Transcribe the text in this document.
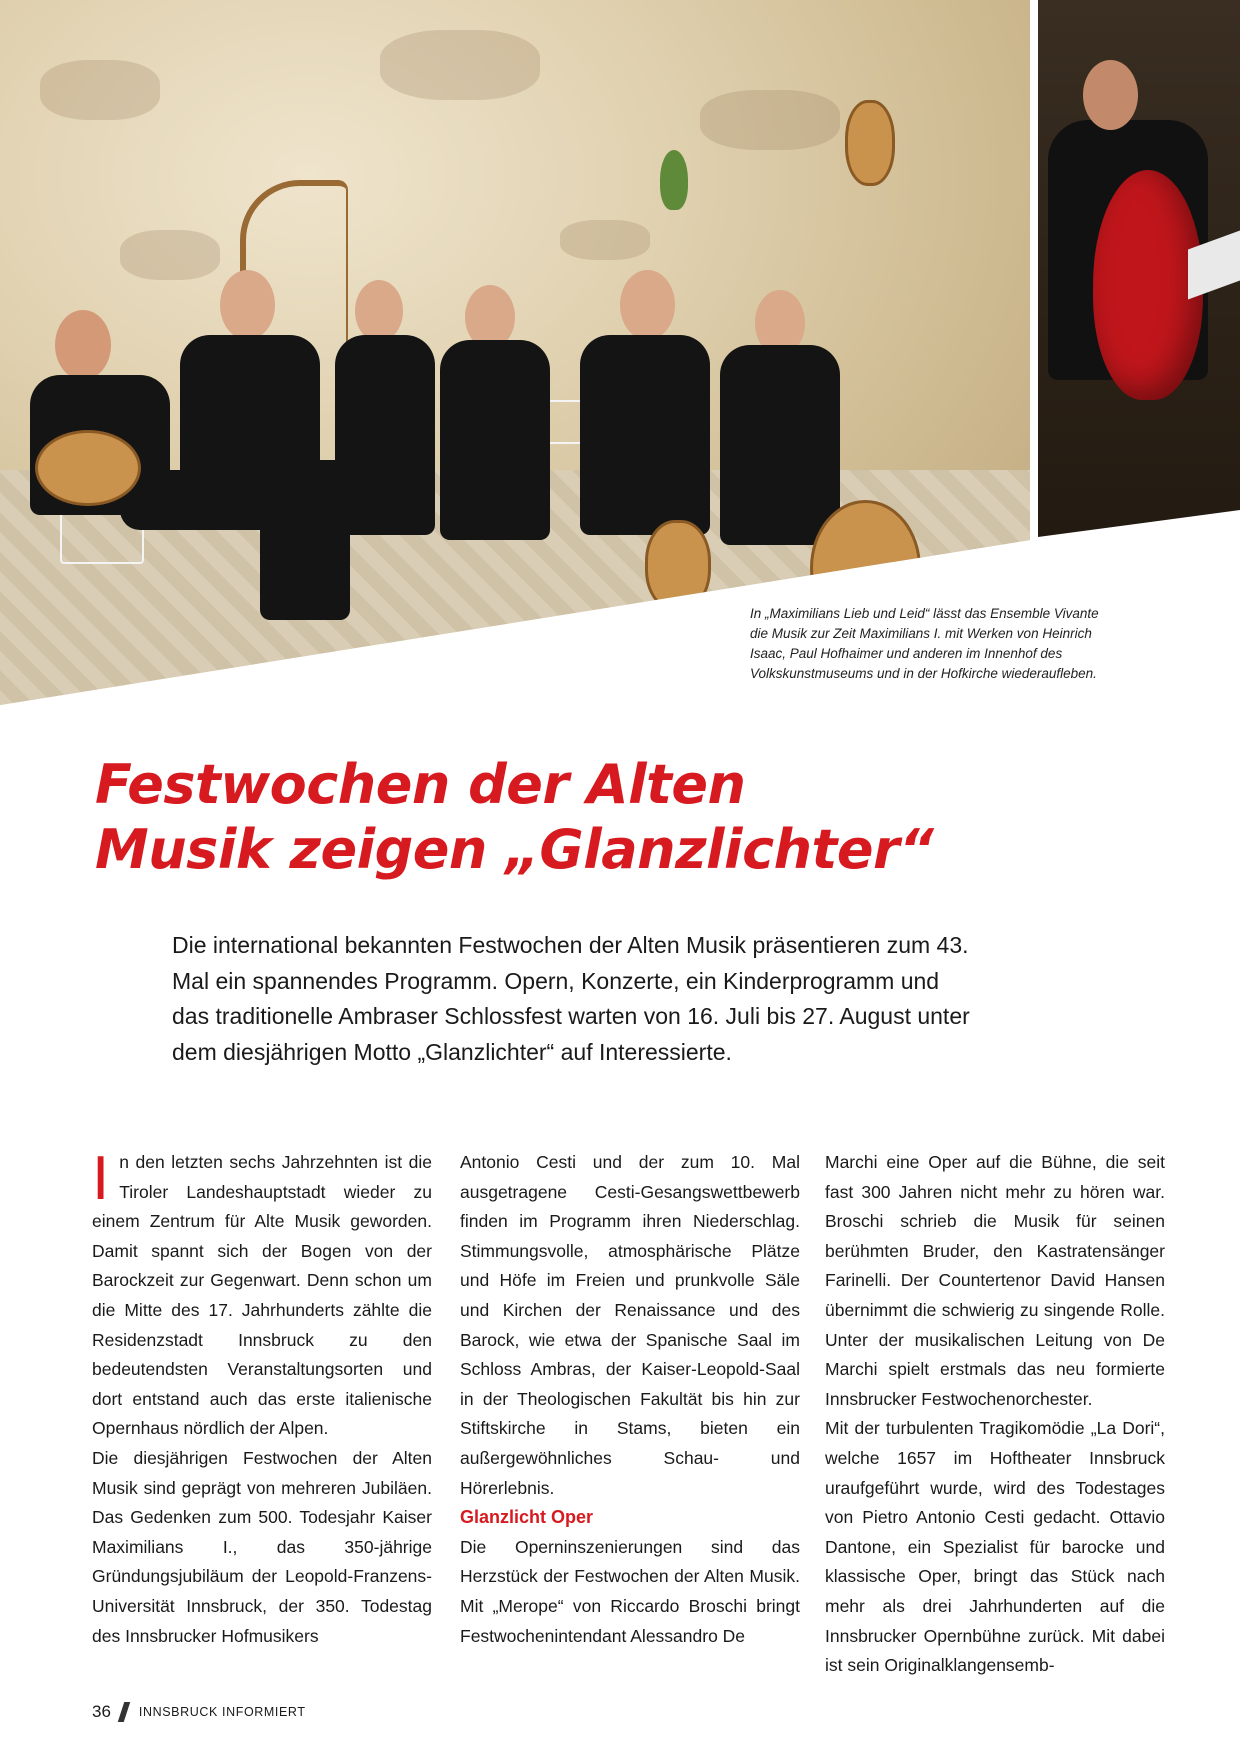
In „Maximilians Lieb und Leid“ lässt das Ensemble Vivante die Musik zur Zeit Maximilians I. mit Werken von Heinrich Isaac, Paul Hofhaimer und anderen im Innenhof des Volkskunstmuseums und in der Hofkirche wiederaufleben.
Festwochen der Alten
Musik zeigen „Glanzlichter“

Die international bekannten Festwochen der Alten Musik präsentieren zum 43. Mal ein spannendes Programm. Opern, Konzerte, ein Kinderprogramm und das traditionelle Ambraser Schlossfest warten von 16. Juli bis 27. August unter dem diesjährigen Motto „Glanzlichter“ auf Interessierte.

In den letzten sechs Jahrzehnten ist die Tiroler Landeshauptstadt wieder zu einem Zentrum für Alte Musik geworden. Damit spannt sich der Bogen von der Barockzeit zur Gegenwart. Denn schon um die Mitte des 17. Jahrhunderts zählte die Residenzstadt Innsbruck zu den bedeutendsten Veranstaltungsorten und dort entstand auch das erste italienische Opernhaus nördlich der Alpen.

Die diesjährigen Festwochen der Alten Musik sind geprägt von mehreren Jubiläen. Das Gedenken zum 500. Todesjahr Kaiser Maximilians I., das 350-jährige Gründungsjubiläum der Leopold-Franzens-Universität Innsbruck, der 350. Todestag des Innsbrucker Hofmusikers

Antonio Cesti und der zum 10. Mal ausgetragene Cesti-Gesangswettbewerb finden im Programm ihren Niederschlag. Stimmungsvolle, atmosphärische Plätze und Höfe im Freien und prunkvolle Säle und Kirchen der Renaissance und des Barock, wie etwa der Spanische Saal im Schloss Ambras, der Kaiser-Leopold-Saal in der Theologischen Fakultät bis hin zur Stiftskirche in Stams, bieten ein außergewöhnliches Schau- und Hörerlebnis.

Glanzlicht Oper

Die Operninszenierungen sind das Herzstück der Festwochen der Alten Musik. Mit „Merope“ von Riccardo Broschi bringt Festwochenintendant Alessandro De

Marchi eine Oper auf die Bühne, die seit fast 300 Jahren nicht mehr zu hören war. Broschi schrieb die Musik für seinen berühmten Bruder, den Kastratensänger Farinelli. Der Countertenor David Hansen übernimmt die schwierig zu singende Rolle. Unter der musikalischen Leitung von De Marchi spielt erstmals das neu formierte Innsbrucker Festwochenorchester.

Mit der turbulenten Tragikomödie „La Dori“, welche 1657 im Hoftheater Innsbruck uraufgeführt wurde, wird des Todestages von Pietro Antonio Cesti gedacht. Ottavio Dantone, ein Spezialist für barocke und klassische Oper, bringt das Stück nach mehr als drei Jahrhunderten auf die Innsbrucker Opernbühne zurück. Mit dabei ist sein Originalklangensemb-

36 INNSBRUCK INFORMIERT
